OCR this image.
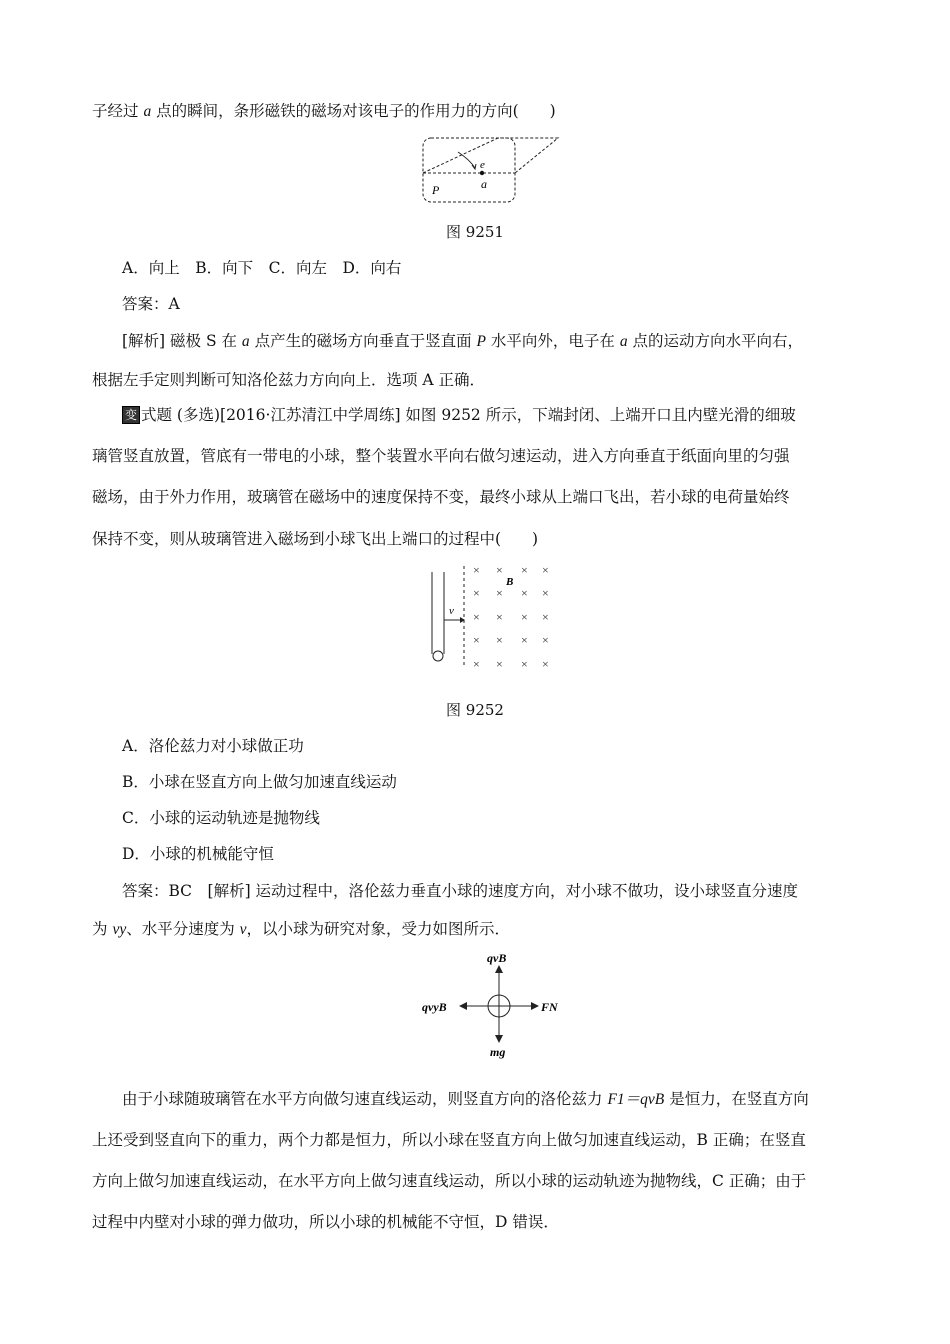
子经过 a 点的瞬间，条形磁铁的磁场对该电子的作用力的方向(　　)
e
a
P
图 9251
A．向上　B．向下　C．向左　D．向右
答案：A
[解析] 磁极 S 在 a 点产生的磁场方向垂直于竖直面 P 水平向外，电子在 a 点的运动方向水平向右，
根据左手定则判断可知洛伦兹力方向向上．选项 A 正确．
变 式题 (多选)[2016·江苏清江中学周练] 如图 9252 所示，下端封闭、上端开口且内壁光滑的细玻
璃管竖直放置，管底有一带电的小球，整个装置水平向右做匀速运动，进入方向垂直于纸面向里的匀强
磁场，由于外力作用，玻璃管在磁场中的速度保持不变，最终小球从上端口飞出，若小球的电荷量始终
保持不变，则从玻璃管进入磁场到小球飞出上端口的过程中(　　)
v
B
× × × ×
× × × ×
× × × ×
× × × ×
× × × ×
图 9252
A．洛伦兹力对小球做正功
B．小球在竖直方向上做匀加速直线运动
C．小球的运动轨迹是抛物线
D．小球的机械能守恒
答案：BC　[解析] 运动过程中，洛伦兹力垂直小球的速度方向，对小球不做功，设小球竖直分速度
为 vy、水平分速度为 v，以小球为研究对象，受力如图所示．
qvB
qvyB	FN
mg
由于小球随玻璃管在水平方向做匀速直线运动，则竖直方向的洛伦兹力 F1＝qvB 是恒力，在竖直方向
上还受到竖直向下的重力，两个力都是恒力，所以小球在竖直方向上做匀加速直线运动，B 正确；在竖直
方向上做匀加速直线运动，在水平方向上做匀速直线运动，所以小球的运动轨迹为抛物线，C 正确；由于
过程中内壁对小球的弹力做功，所以小球的机械能不守恒，D 错误．
